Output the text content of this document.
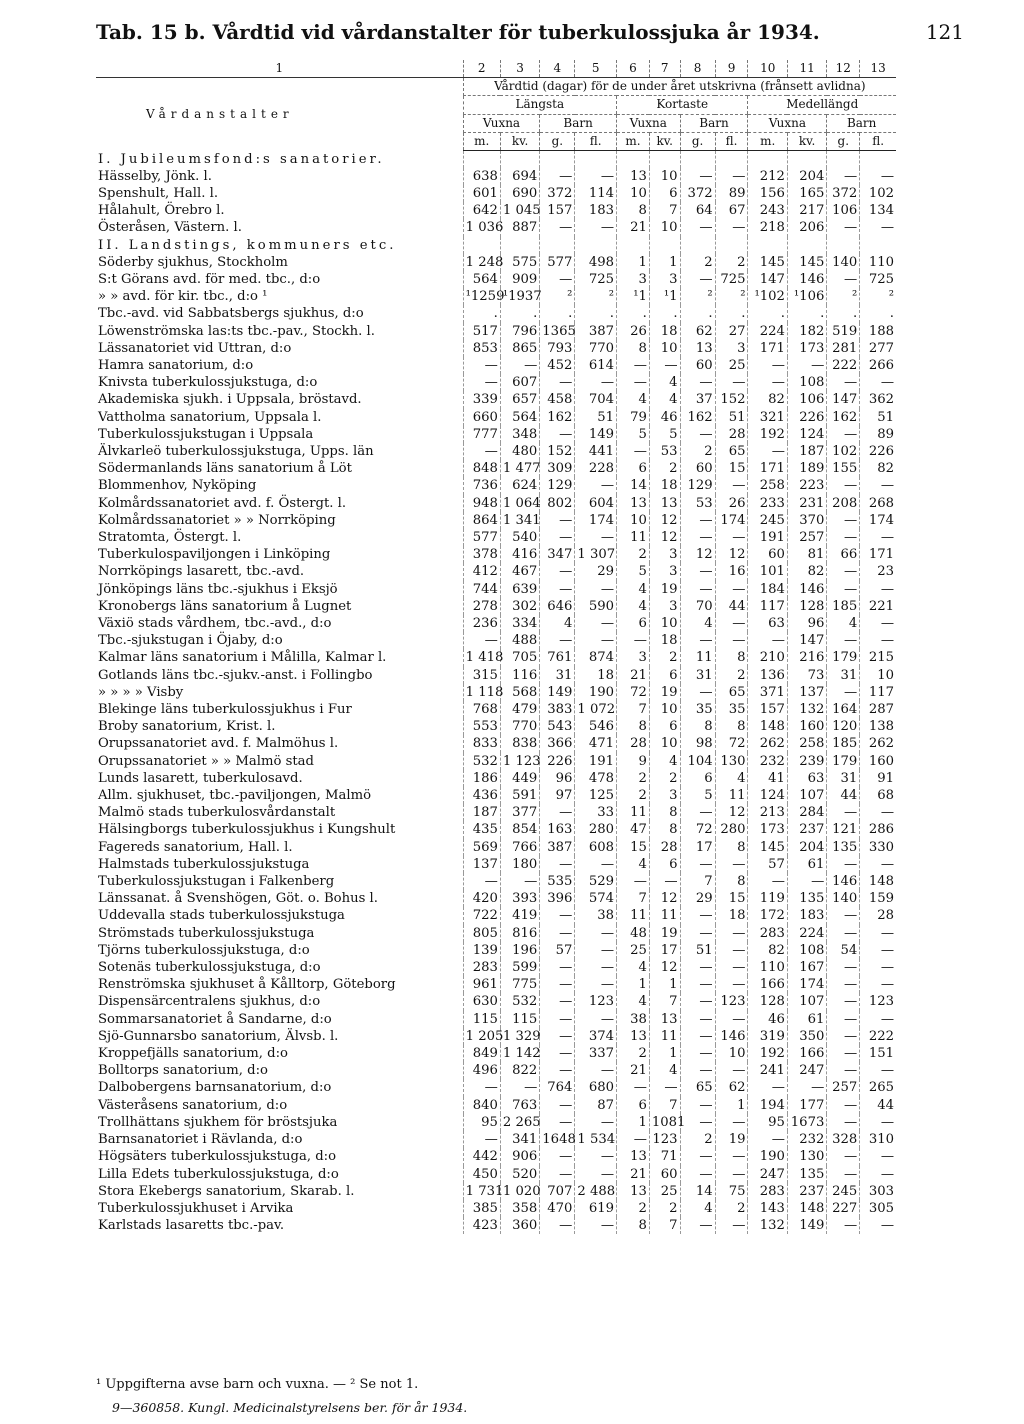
Tab. 15 b. Vårdtid vid vårdanstalter för tuberkulossjuka år 1934.	121
1	2	3	4	5	6	7	8	9	10	11	12	13
Vårdanstalter	Vårdtid (dagar) för de under året utskrivna (frånsett avlidna)											
	Längsta				Kortaste				Medellängd			
	Vuxna		Barn		Vuxna		Barn		Vuxna		Barn	
	m.	kv.	g.	fl.	m.	kv.	g.	fl.	m.	kv.	g.	fl.
I. Jubileumsfond:s sanatorier.												
Hässelby, Jönk. l.	638	694	—	—	13	10	—	—	212	204	—	—
Spenshult, Hall. l.	601	690	372	114	10	6	372	89	156	165	372	102
Hålahult, Örebro l.	642	1 045	157	183	8	7	64	67	243	217	106	134
Österåsen, Västern. l.	1 036	887	—	—	21	10	—	—	218	206	—	—
II. Landstings, kommuners etc.												
Söderby sjukhus, Stockholm	1 248	575	577	498	1	1	2	2	145	145	140	110
S:t Görans avd. för med. tbc., d:o	564	909	—	725	3	3	—	725	147	146	—	725
» » avd. för kir. tbc., d:o ¹	¹1259	¹1937	²	²	¹1	¹1	²	²	¹102	¹106	²	²
Tbc.-avd. vid Sabbatsbergs sjukhus, d:o	.	.	.	.	.	.	.	.	.	.	.	.
Löwenströmska las:ts tbc.-pav., Stockh. l.	517	796	1365	387	26	18	62	27	224	182	519	188
Lässanatoriet vid Uttran, d:o	853	865	793	770	8	10	13	3	171	173	281	277
Hamra sanatorium, d:o	—	—	452	614	—	—	60	25	—	—	222	266
Knivsta tuberkulossjukstuga, d:o	—	607	—	—	—	4	—	—	—	108	—	—
Akademiska sjukh. i Uppsala, bröstavd.	339	657	458	704	4	4	37	152	82	106	147	362
Vattholma sanatorium, Uppsala l.	660	564	162	51	79	46	162	51	321	226	162	51
Tuberkulossjukstugan i Uppsala	777	348	—	149	5	5	—	28	192	124	—	89
Älvkarleö tuberkulossjukstuga, Upps. län	—	480	152	441	—	53	2	65	—	187	102	226
Södermanlands läns sanatorium å Löt	848	1 477	309	228	6	2	60	15	171	189	155	82
Blommenhov, Nyköping	736	624	129	—	14	18	129	—	258	223	—	—
Kolmårdssanatoriet avd. f. Östergt. l.	948	1 064	802	604	13	13	53	26	233	231	208	268
Kolmårdssanatoriet » » Norrköping	864	1 341	—	174	10	12	—	174	245	370	—	174
Stratomta, Östergt. l.	577	540	—	—	11	12	—	—	191	257	—	—
Tuberkulospaviljongen i Linköping	378	416	347	1 307	2	3	12	12	60	81	66	171
Norrköpings lasarett, tbc.-avd.	412	467	—	29	5	3	—	16	101	82	—	23
Jönköpings läns tbc.-sjukhus i Eksjö	744	639	—	—	4	19	—	—	184	146	—	—
Kronobergs läns sanatorium å Lugnet	278	302	646	590	4	3	70	44	117	128	185	221
Växiö stads vårdhem, tbc.-avd., d:o	236	334	4	—	6	10	4	—	63	96	4	—
Tbc.-sjukstugan i Öjaby, d:o	—	488	—	—	—	18	—	—	—	147	—	—
Kalmar läns sanatorium i Målilla, Kalmar l.	1 418	705	761	874	3	2	11	8	210	216	179	215
Gotlands läns tbc.-sjukv.-anst. i Follingbo	315	116	31	18	21	6	31	2	136	73	31	10
» » » » Visby	1 118	568	149	190	72	19	—	65	371	137	—	117
Blekinge läns tuberkulossjukhus i Fur	768	479	383	1 072	7	10	35	35	157	132	164	287
Broby sanatorium, Krist. l.	553	770	543	546	8	6	8	8	148	160	120	138
Orupssanatoriet avd. f. Malmöhus l.	833	838	366	471	28	10	98	72	262	258	185	262
Orupssanatoriet » » Malmö stad	532	1 123	226	191	9	4	104	130	232	239	179	160
Lunds lasarett, tuberkulosavd.	186	449	96	478	2	2	6	4	41	63	31	91
Allm. sjukhuset, tbc.-paviljongen, Malmö	436	591	97	125	2	3	5	11	124	107	44	68
Malmö stads tuberkulosvårdanstalt	187	377	—	33	11	8	—	12	213	284	—	—
Hälsingborgs tuberkulossjukhus i Kungshult	435	854	163	280	47	8	72	280	173	237	121	286
Fagereds sanatorium, Hall. l.	569	766	387	608	15	28	17	8	145	204	135	330
Halmstads tuberkulossjukstuga	137	180	—	—	4	6	—	—	57	61	—	—
Tuberkulossjukstugan i Falkenberg	—	—	535	529	—	—	7	8	—	—	146	148
Länssanat. å Svenshögen, Göt. o. Bohus l.	420	393	396	574	7	12	29	15	119	135	140	159
Uddevalla stads tuberkulossjukstuga	722	419	—	38	11	11	—	18	172	183	—	28
Strömstads tuberkulossjukstuga	805	816	—	—	48	19	—	—	283	224	—	—
Tjörns tuberkulossjukstuga, d:o	139	196	57	—	25	17	51	—	82	108	54	—
Sotenäs tuberkulossjukstuga, d:o	283	599	—	—	4	12	—	—	110	167	—	—
Renströmska sjukhuset å Kålltorp, Göteborg	961	775	—	—	1	1	—	—	166	174	—	—
Dispensärcentralens sjukhus, d:o	630	532	—	123	4	7	—	123	128	107	—	123
Sommarsanatoriet å Sandarne, d:o	115	115	—	—	38	13	—	—	46	61	—	—
Sjö-Gunnarsbo sanatorium, Älvsb. l.	1 205	1 329	—	374	13	11	—	146	319	350	—	222
Kroppefjälls sanatorium, d:o	849	1 142	—	337	2	1	—	10	192	166	—	151
Bolltorps sanatorium, d:o	496	822	—	—	21	4	—	—	241	247	—	—
Dalbobergens barnsanatorium, d:o	—	—	764	680	—	—	65	62	—	—	257	265
Västeråsens sanatorium, d:o	840	763	—	87	6	7	—	1	194	177	—	44
Trollhättans sjukhem för bröstsjuka	95	2 265	—	—	1	1081	—	—	95	1673	—	—
Barnsanatoriet i Rävlanda, d:o	—	341	1648	1 534	—	123	2	19	—	232	328	310
Högsäters tuberkulossjukstuga, d:o	442	906	—	—	13	71	—	—	190	130	—	—
Lilla Edets tuberkulossjukstuga, d:o	450	520	—	—	21	60	—	—	247	135	—	—
Stora Ekebergs sanatorium, Skarab. l.	1 731	1 020	707	2 488	13	25	14	75	283	237	245	303
Tuberkulossjukhuset i Arvika	385	358	470	619	2	2	4	2	143	148	227	305
Karlstads lasaretts tbc.-pav.	423	360	—	—	8	7	—	—	132	149	—	—
¹ Uppgifterna avse barn och vuxna. — ² Se not 1.
9—360858. Kungl. Medicinalstyrelsens ber. för år 1934.
